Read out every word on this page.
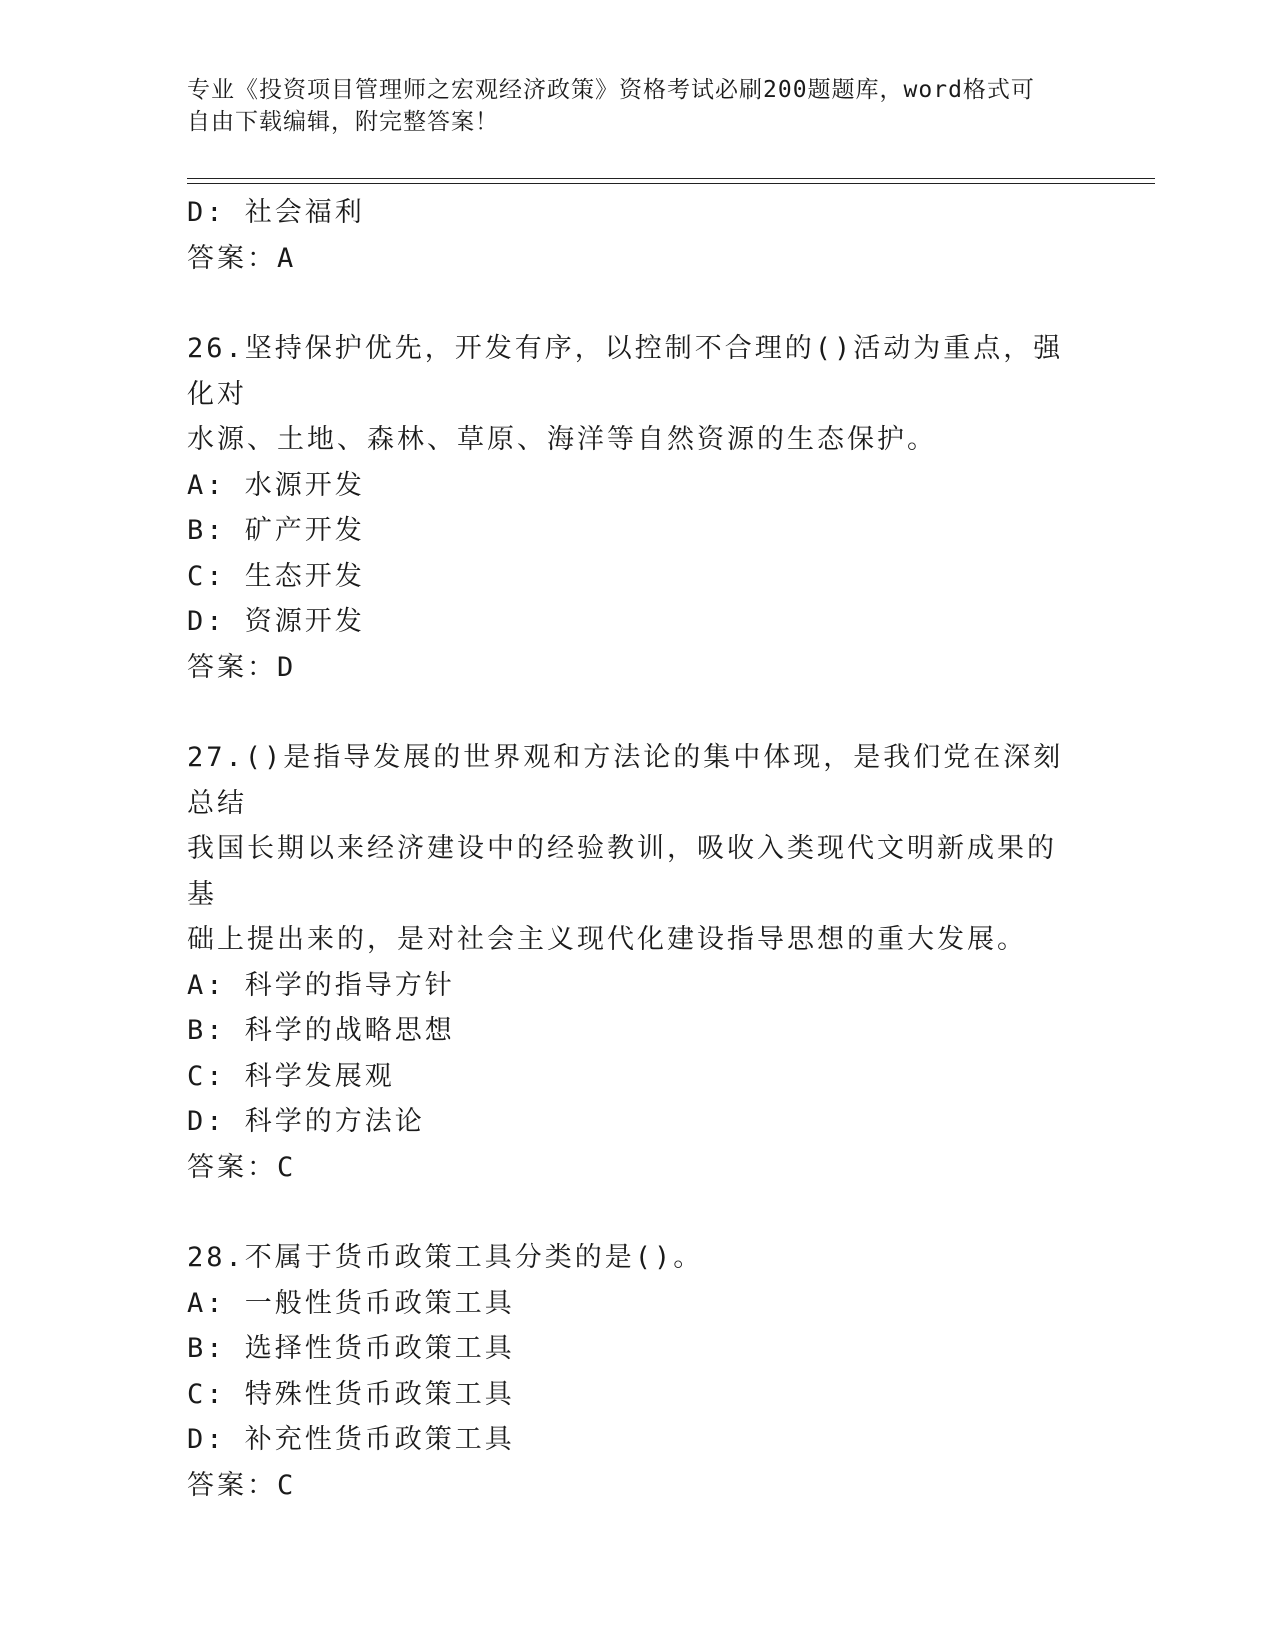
专业《投资项目管理师之宏观经济政策》资格考试必刷200题题库，word格式可
自由下载编辑，附完整答案！
D: 社会福利
答案：A
26.坚持保护优先，开发有序，以控制不合理的()活动为重点，强化对
水源、土地、森林、草原、海洋等自然资源的生态保护。
A: 水源开发
B: 矿产开发
C: 生态开发
D: 资源开发
答案：D
27.()是指导发展的世界观和方法论的集中体现，是我们党在深刻总结
我国长期以来经济建设中的经验教训，吸收入类现代文明新成果的基
础上提出来的，是对社会主义现代化建设指导思想的重大发展。
A: 科学的指导方针
B: 科学的战略思想
C: 科学发展观
D: 科学的方法论
答案：C
28.不属于货币政策工具分类的是()。
A: 一般性货币政策工具
B: 选择性货币政策工具
C: 特殊性货币政策工具
D: 补充性货币政策工具
答案：C
